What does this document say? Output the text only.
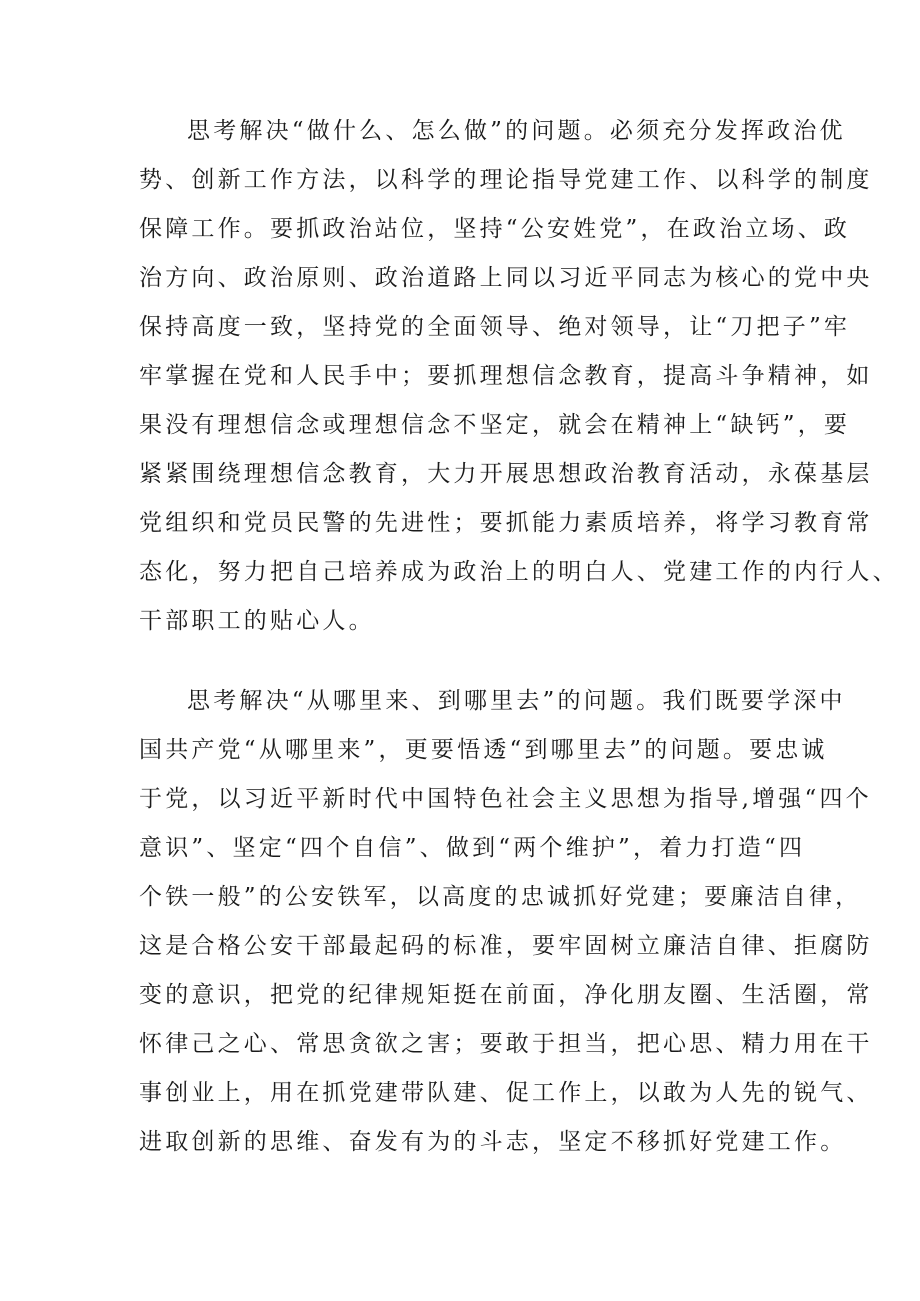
思考解决“做什么、怎么做”的问题。必须充分发挥政治优

势、创新工作方法，以科学的理论指导党建工作、以科学的制度

保障工作。要抓政治站位，坚持“公安姓党”，在政治立场、政

治方向、政治原则、政治道路上同以习近平同志为核心的党中央

保持高度一致，坚持党的全面领导、绝对领导，让“刀把子”牢

牢掌握在党和人民手中；要抓理想信念教育，提高斗争精神，如

果没有理想信念或理想信念不坚定，就会在精神上“缺钙”，要

紧紧围绕理想信念教育，大力开展思想政治教育活动，永葆基层

党组织和党员民警的先进性；要抓能力素质培养，将学习教育常

态化，努力把自己培养成为政治上的明白人、党建工作的内行人、

干部职工的贴心人。

思考解决“从哪里来、到哪里去”的问题。我们既要学深中

国共产党“从哪里来”，更要悟透“到哪里去”的问题。要忠诚

于党，以习近平新时代中国特色社会主义思想为指导,增强“四个

意识”、坚定“四个自信”、做到“两个维护”，着力打造“四

个铁一般”的公安铁军，以高度的忠诚抓好党建；要廉洁自律，

这是合格公安干部最起码的标准，要牢固树立廉洁自律、拒腐防

变的意识，把党的纪律规矩挺在前面，净化朋友圈、生活圈，常

怀律己之心、常思贪欲之害；要敢于担当，把心思、精力用在干

事创业上，用在抓党建带队建、促工作上，以敢为人先的锐气、

进取创新的思维、奋发有为的斗志，坚定不移抓好党建工作。
